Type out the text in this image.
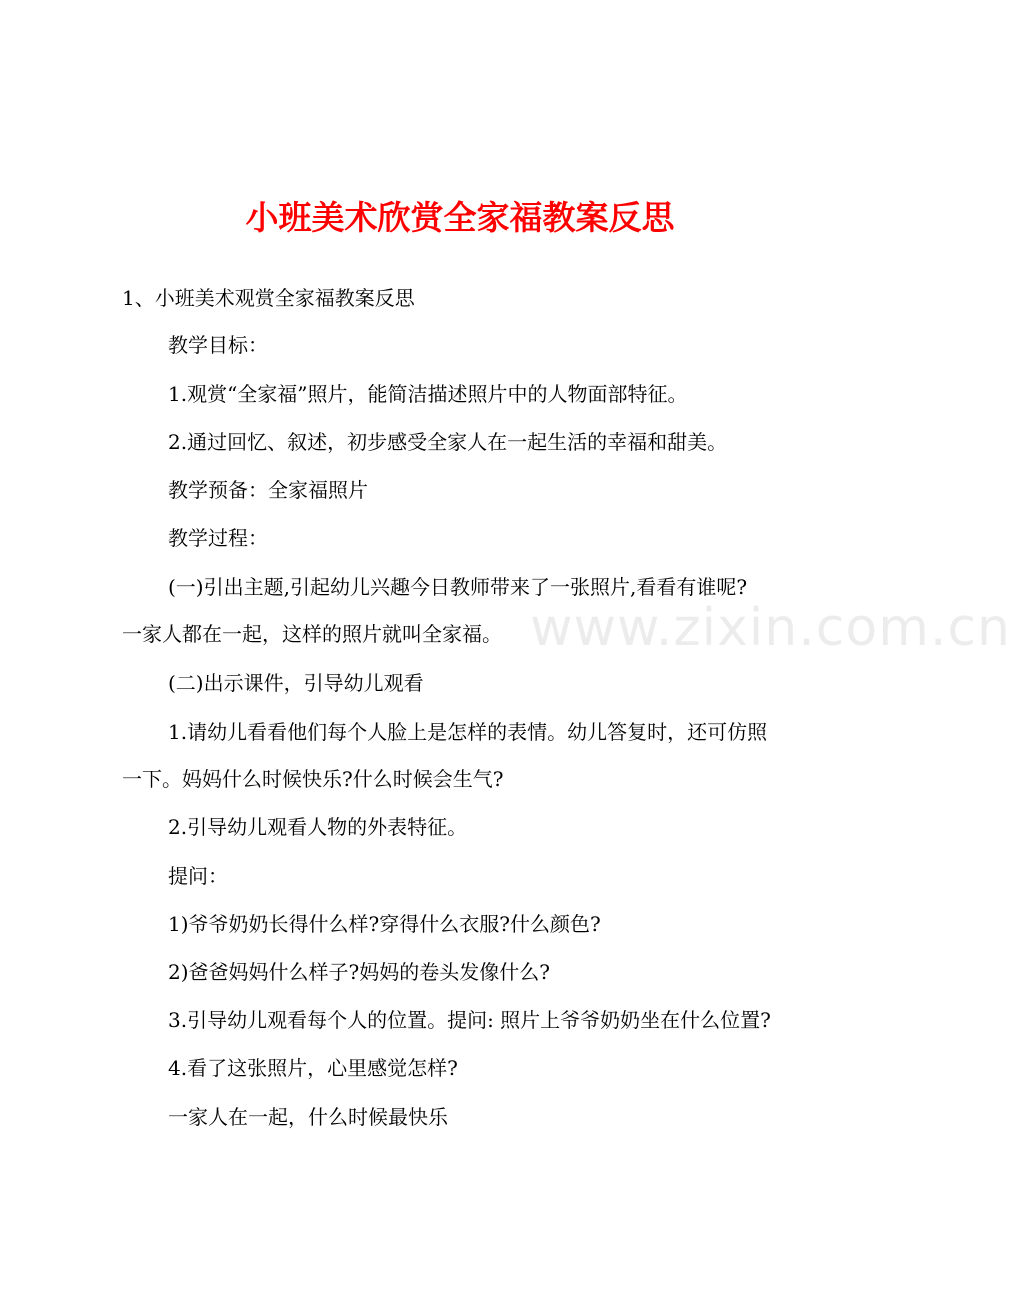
小班美术欣赏全家福教案反思
1、小班美术观赏全家福教案反思
教学目标：
1.观赏“全家福”照片，能简洁描述照片中的人物面部特征。
2.通过回忆、叙述，初步感受全家人在一起生活的幸福和甜美。
教学预备：全家福照片
教学过程：
(一)引出主题,引起幼儿兴趣今日教师带来了一张照片,看看有谁呢?
一家人都在一起，这样的照片就叫全家福。
(二)出示课件，引导幼儿观看
1.请幼儿看看他们每个人脸上是怎样的表情。幼儿答复时，还可仿照
一下。妈妈什么时候快乐?什么时候会生气?
2.引导幼儿观看人物的外表特征。
提问：
1)爷爷奶奶长得什么样?穿得什么衣服?什么颜色?
2)爸爸妈妈什么样子?妈妈的卷头发像什么?
3.引导幼儿观看每个人的位置。提问: 照片上爷爷奶奶坐在什么位置?
4.看了这张照片，心里感觉怎样?
一家人在一起，什么时候最快乐
www.zixin.com.cn
